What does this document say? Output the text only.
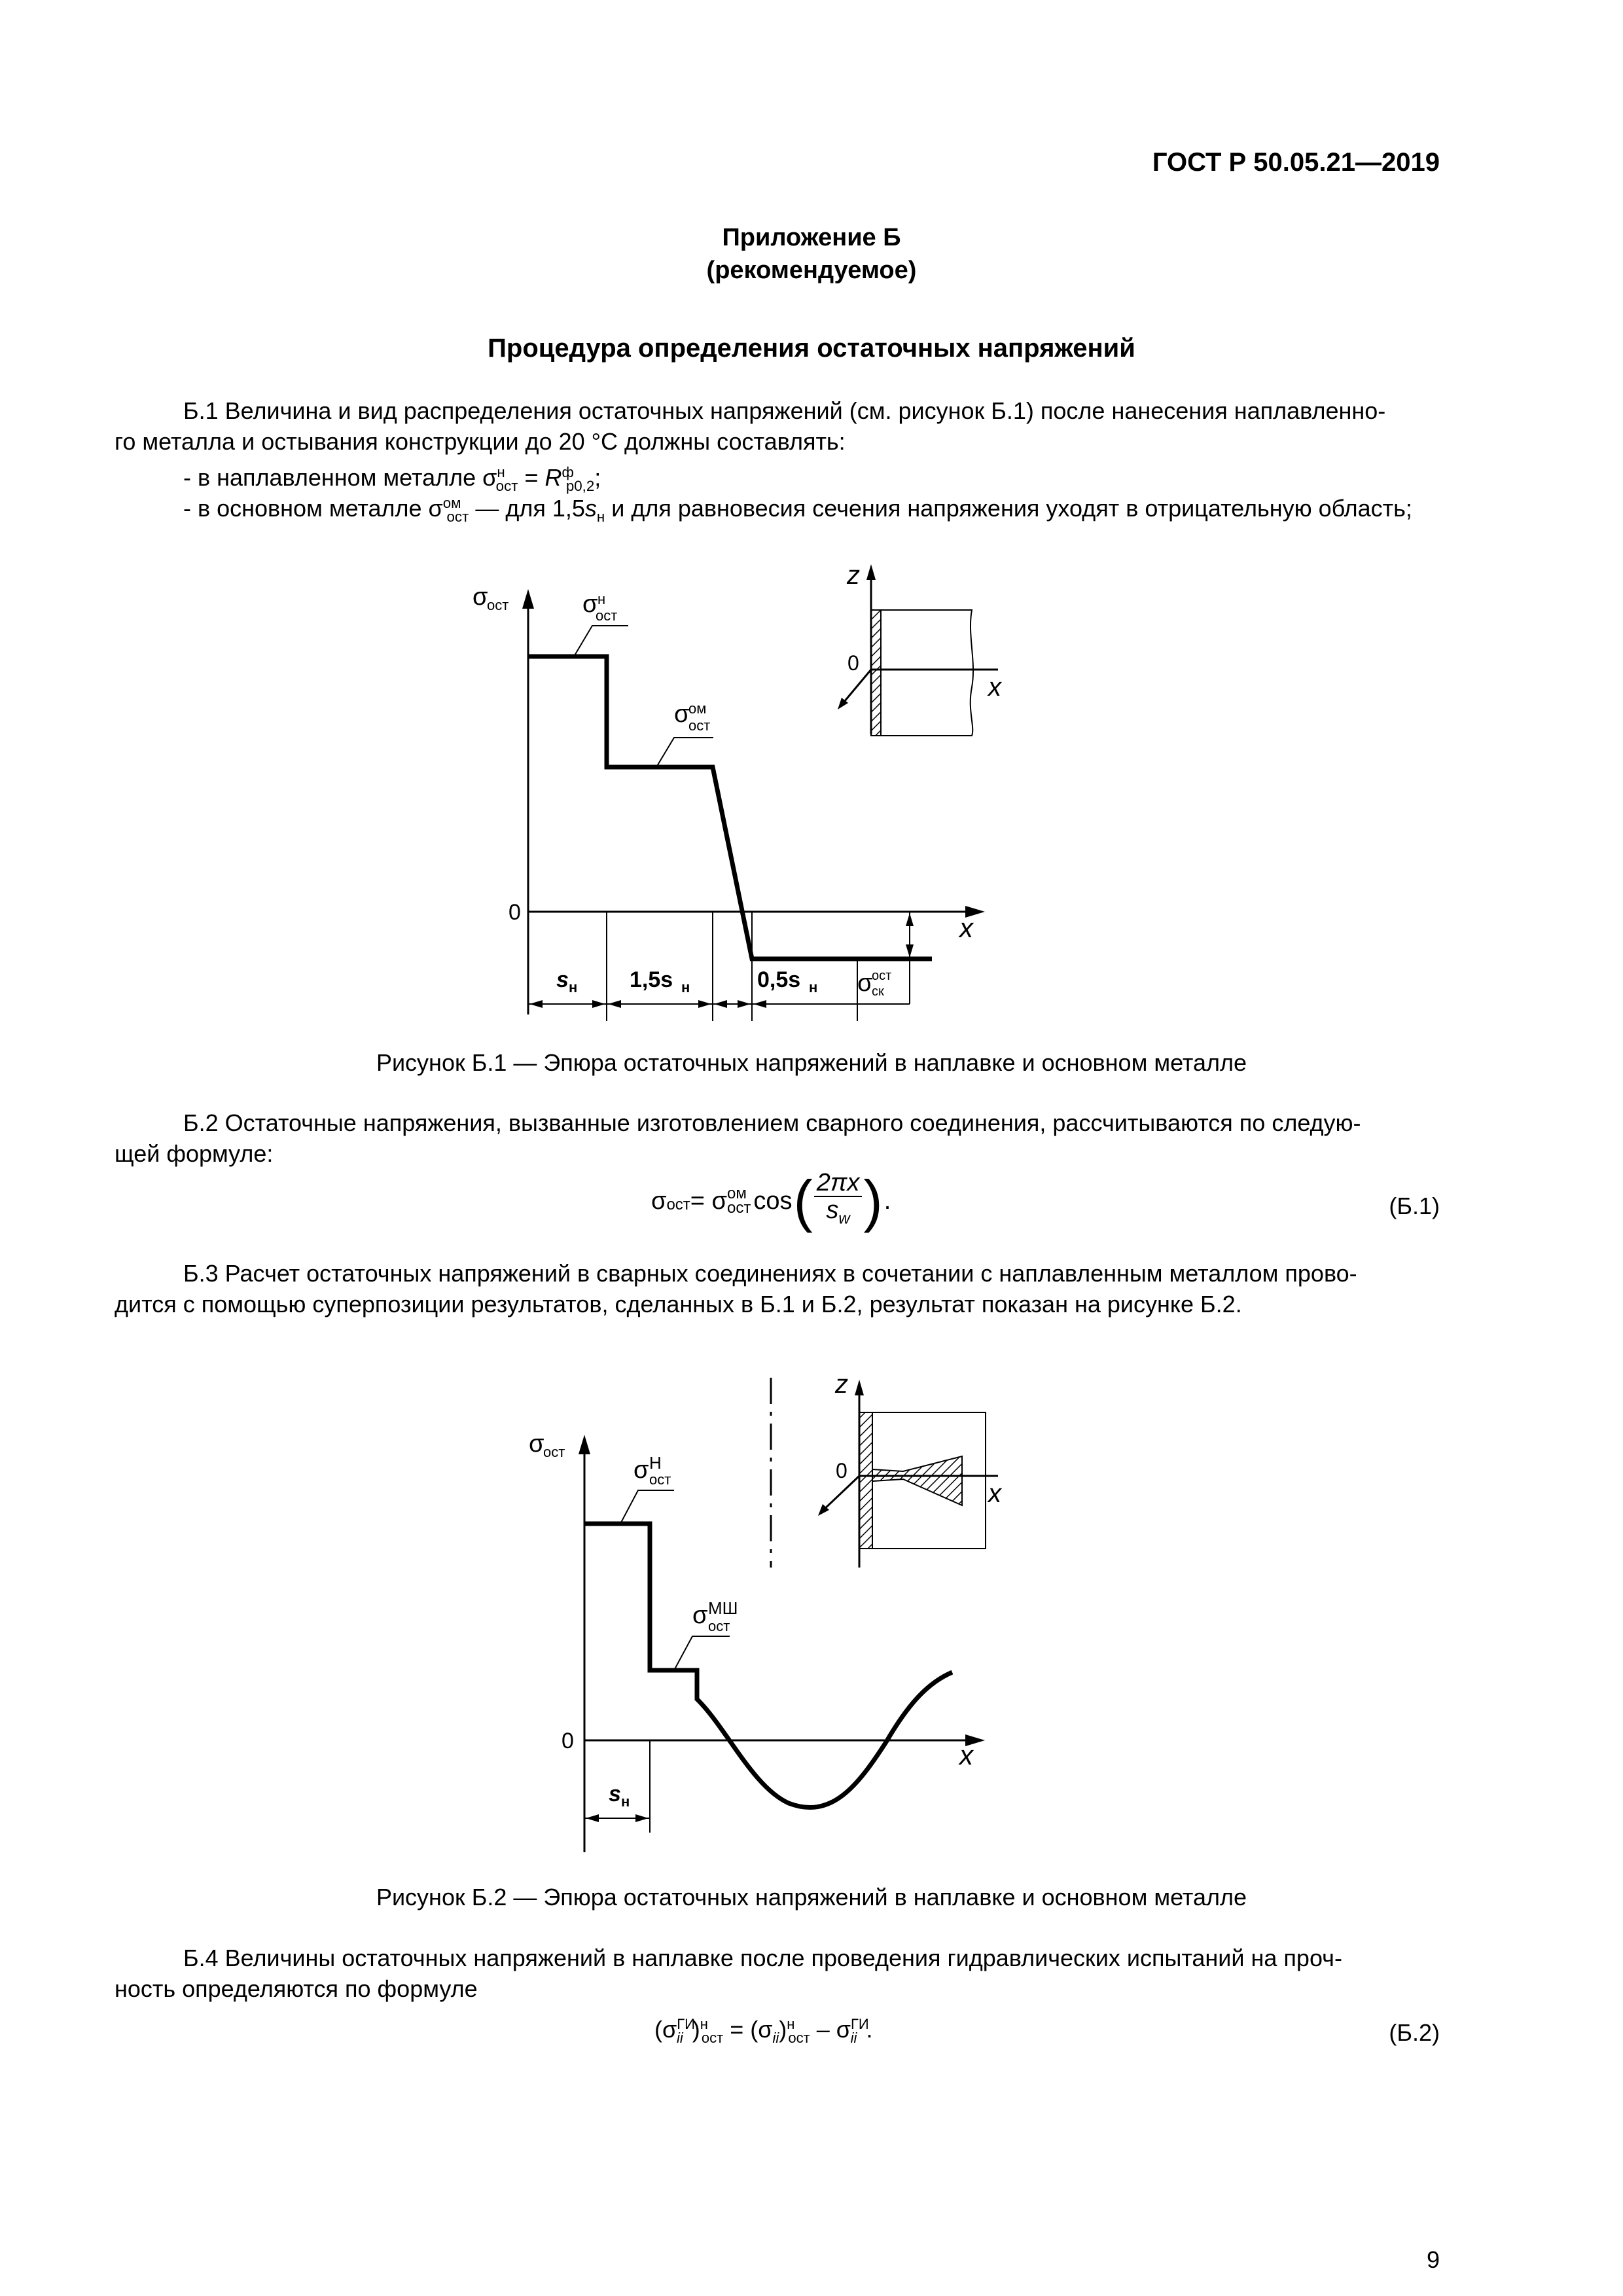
ГОСТ Р 50.05.21—2019
Приложение Б
(рекомендуемое)
Процедура определения остаточных напряжений
Б.1 Величина и вид распределения остаточных напряжений (см. рисунок Б.1) после нанесения наплавленно-
го металла и остывания конструкции до 20 °С должны составлять:
- в наплавленном металле $\sigma^н_{ост} = R^ф_{p0,2}$;
- в основном металле $\sigma^{ом}_{ост}$ — для $1,5s_н$ и для равновесия сечения напряжения уходят в отрицательную область;
σ
ост	σ н
ост
σ
ом
ост
0	x
s н 1,5s н	0,5s н σ
ост
ск
z
0
x
Рисунок Б.1 — Эпюра остаточных напряжений в наплавке и основном металле
Б.2 Остаточные напряжения, вызванные изготовлением сварного соединения, рассчитываются по следую-
щей формуле:
$\sigma_{ост} = \sigma$ ом
ост cos ( $\frac{2\pi x}{s_w}$ ) .	(Б.1)
Б.3 Расчет остаточных напряжений в сварных соединениях в сочетании с наплавленным металлом прово-
дится с помощью суперпозиции результатов, сделанных в Б.1 и Б.2, результат показан на рисунке Б.2.
σ
ост
σ Н
ост
σ МШ
ост
0	x
s н
z
0
x
Рисунок Б.2 — Эпюра остаточных напряжений в наплавке и основном металле
Б.4 Величины остаточных напряжений в наплавке после проведения гидравлических испытаний на проч-
ность определяются по формуле
($\sigma^{ГИ}_{ii}$ )$^н_{ост} = (\sigma_{ii})^н_{ост} - \sigma^{ГИ}_{ii}$ .	(Б.2)
9
